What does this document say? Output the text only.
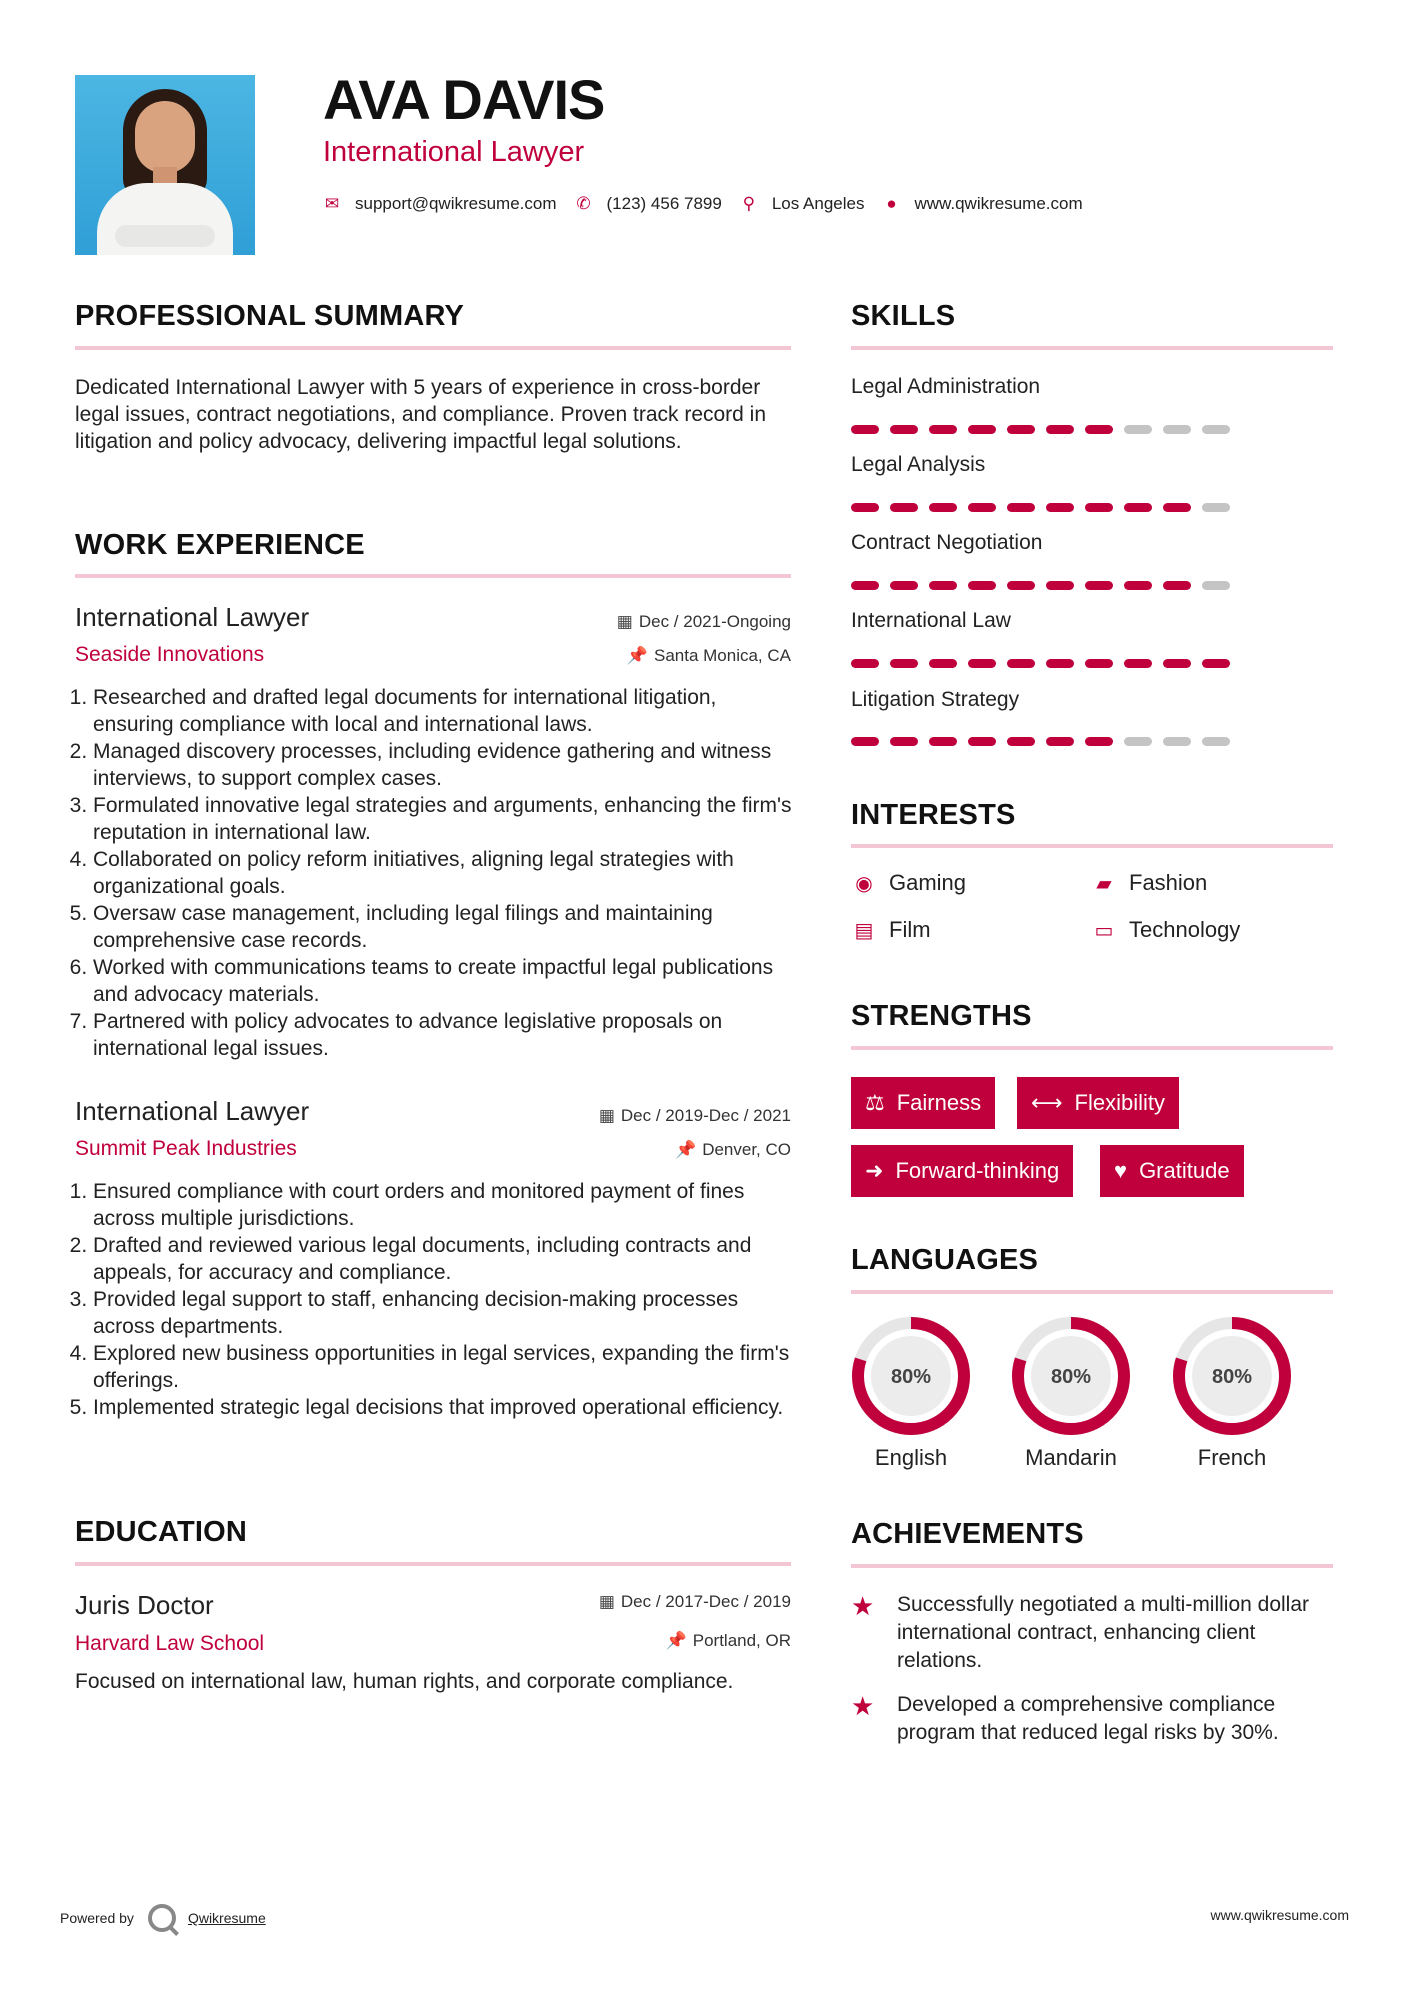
AVA DAVIS
International Lawyer
✉ support@qwikresume.com ✆ (123) 456 7899 ⚲ Los Angeles ● www.qwikresume.com
PROFESSIONAL SUMMARY
Dedicated International Lawyer with 5 years of experience in cross-border legal issues, contract negotiations, and compliance. Proven track record in litigation and policy advocacy, delivering impactful legal solutions.
WORK EXPERIENCE
International Lawyer	▦ Dec / 2021-Ongoing
Seaside Innovations	📌 Santa Monica, CA
1. Researched and drafted legal documents for international litigation, ensuring compliance with local and international laws.
2. Managed discovery processes, including evidence gathering and witness interviews, to support complex cases.
3. Formulated innovative legal strategies and arguments, enhancing the firm's reputation in international law.
4. Collaborated on policy reform initiatives, aligning legal strategies with organizational goals.
5. Oversaw case management, including legal filings and maintaining comprehensive case records.
6. Worked with communications teams to create impactful legal publications and advocacy materials.
7. Partnered with policy advocates to advance legislative proposals on international legal issues.
International Lawyer	▦ Dec / 2019-Dec / 2021
Summit Peak Industries	📌 Denver, CO
1. Ensured compliance with court orders and monitored payment of fines across multiple jurisdictions.
2. Drafted and reviewed various legal documents, including contracts and appeals, for accuracy and compliance.
3. Provided legal support to staff, enhancing decision-making processes across departments.
4. Explored new business opportunities in legal services, expanding the firm's offerings.
5. Implemented strategic legal decisions that improved operational efficiency.
EDUCATION
Juris Doctor	▦ Dec / 2017-Dec / 2019
Harvard Law School	📌 Portland, OR
Focused on international law, human rights, and corporate compliance.
SKILLS
Legal Administration
Legal Analysis
Contract Negotiation
International Law
Litigation Strategy
INTERESTS
◉ Gaming	▰ Fashion
▤ Film	▭ Technology
STRENGTHS
⚖ Fairness ⟷ Flexibility
➜ Forward-thinking ♥ Gratitude
LANGUAGES
80%
English
80%
Mandarin
80%
French
ACHIEVEMENTS
★	Successfully negotiated a multi-million dollar international contract, enhancing client relations.
★	Developed a comprehensive compliance program that reduced legal risks by 30%.
Powered by	Qwikresume	www.qwikresume.com
